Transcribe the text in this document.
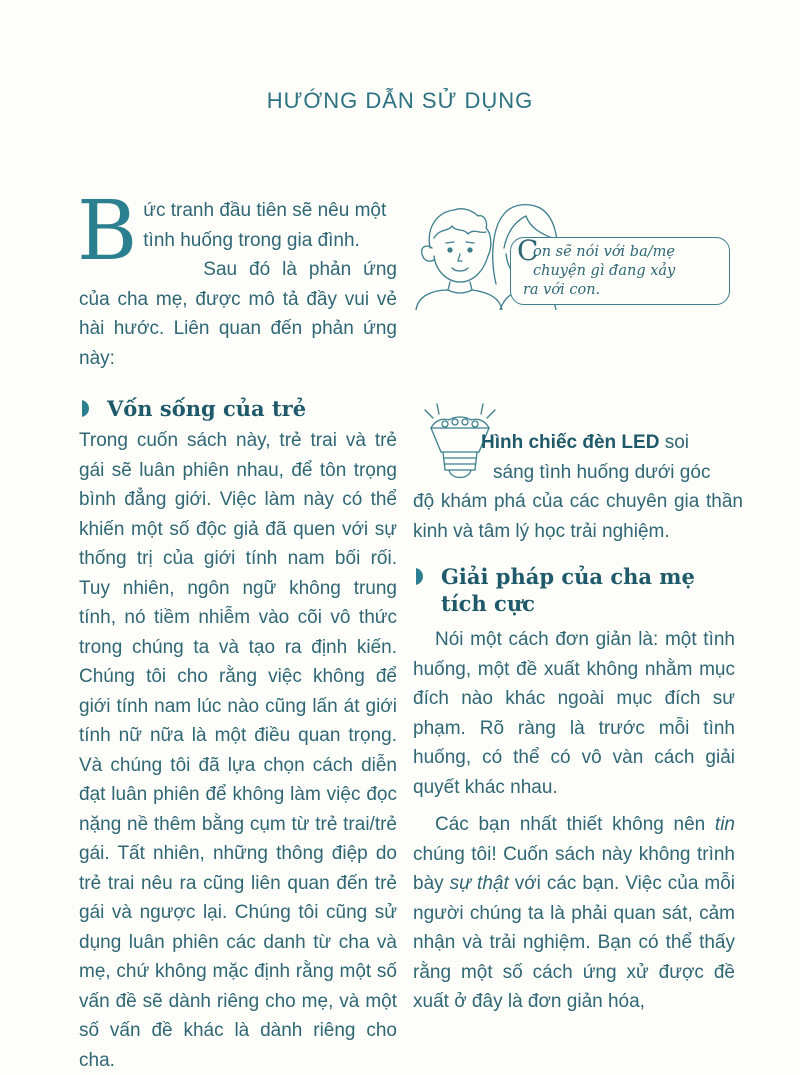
HƯỚNG DẪN SỬ DỤNG
B ức tranh đầu tiên sẽ nêu một
tình huống trong gia đình.

Sau đó là phản ứng của cha mẹ, được mô tả đầy vui vẻ hài hước. Liên quan đến phản ứng này:

Vốn sống của trẻ

Trong cuốn sách này, trẻ trai và trẻ gái sẽ luân phiên nhau, để tôn trọng bình đẳng giới. Việc làm này có thể khiến một số độc giả đã quen với sự thống trị của giới tính nam bối rối. Tuy nhiên, ngôn ngữ không trung tính, nó tiềm nhiễm vào cõi vô thức trong chúng ta và tạo ra định kiến. Chúng tôi cho rằng việc không để giới tính nam lúc nào cũng lấn át giới tính nữ nữa là một điều quan trọng. Và chúng tôi đã lựa chọn cách diễn đạt luân phiên để không làm việc đọc nặng nề thêm bằng cụm từ trẻ trai/trẻ gái. Tất nhiên, những thông điệp do trẻ trai nêu ra cũng liên quan đến trẻ gái và ngược lại. Chúng tôi cũng sử dụng luân phiên các danh từ cha và mẹ, chứ không mặc định rằng một số vấn đề sẽ dành riêng cho mẹ, và một số vấn đề khác là dành riêng cho cha.

C
on sẽ nói với ba/mẹ
chuyện gì đang xảy
ra với con.
Hình chiếc đèn LED soi
sáng tình huống dưới góc
độ khám phá của các chuyên gia thần kinh và tâm lý học trải nghiệm.
Giải pháp của cha mẹ tích cực

Nói một cách đơn giản là: một tình huống, một đề xuất không nhằm mục đích nào khác ngoài mục đích sư phạm. Rõ ràng là trước mỗi tình huống, có thể có vô vàn cách giải quyết khác nhau.

Các bạn nhất thiết không nên tin chúng tôi! Cuốn sách này không trình bày sự thật với các bạn. Việc của mỗi người chúng ta là phải quan sát, cảm nhận và trải nghiệm. Bạn có thể thấy rằng một số cách ứng xử được đề xuất ở đây là đơn giản hóa,
